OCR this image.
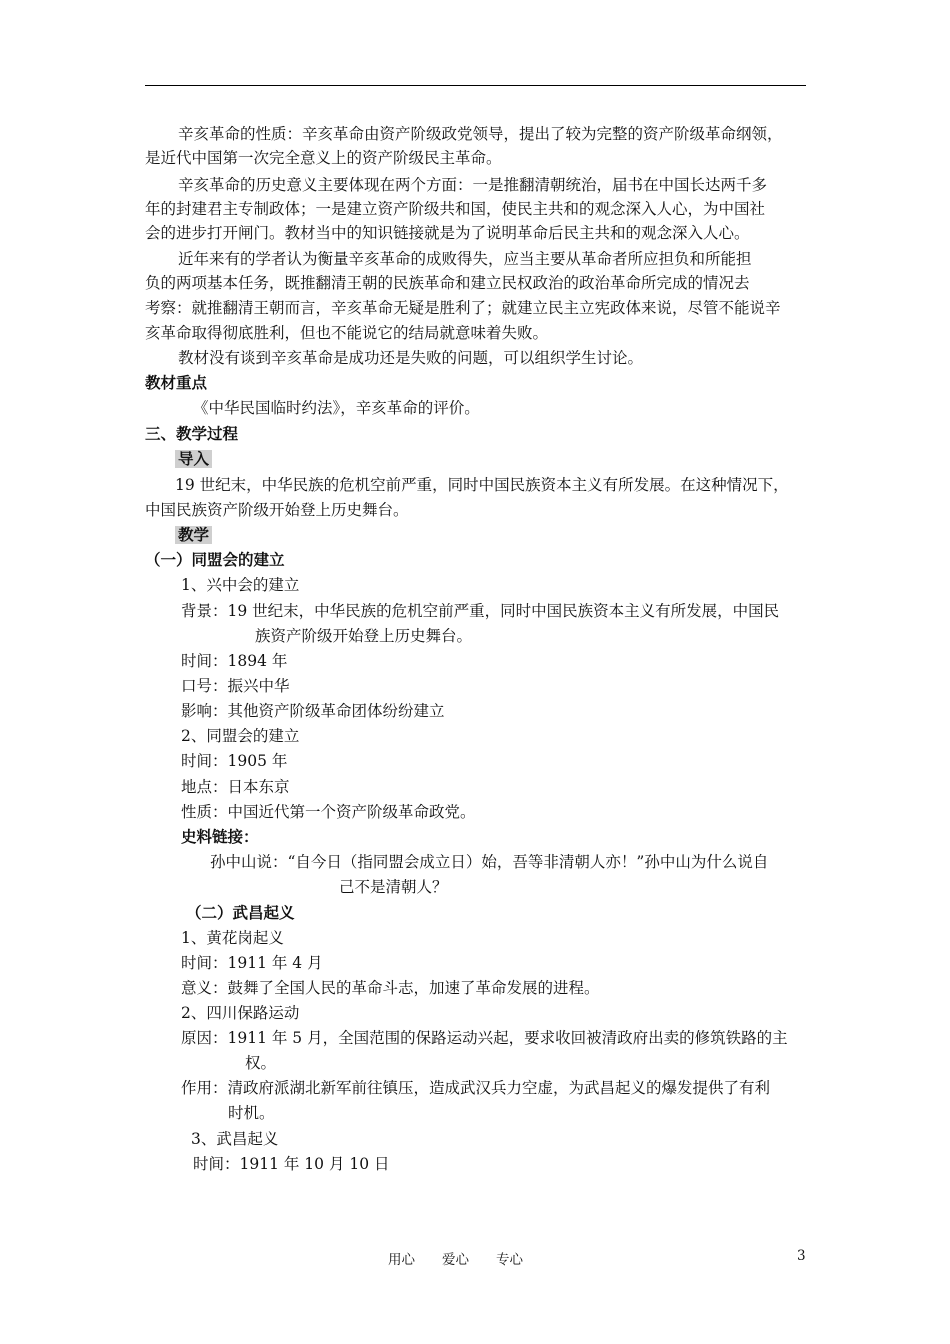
辛亥革命的性质：辛亥革命由资产阶级政党领导，提出了较为完整的资产阶级革命纲领，
是近代中国第一次完全意义上的资产阶级民主革命。
辛亥革命的历史意义主要体现在两个方面：一是推翻清朝统治，届书在中国长达两千多
年的封建君主专制政体；一是建立资产阶级共和国，使民主共和的观念深入人心，为中国社
会的进步打开闸门。教材当中的知识链接就是为了说明革命后民主共和的观念深入人心。
近年来有的学者认为衡量辛亥革命的成败得失，应当主要从革命者所应担负和所能担
负的两项基本任务，既推翻清王朝的民族革命和建立民权政治的政治革命所完成的情况去
考察：就推翻清王朝而言，辛亥革命无疑是胜利了；就建立民主立宪政体来说，尽管不能说辛
亥革命取得彻底胜利，但也不能说它的结局就意味着失败。
教材没有谈到辛亥革命是成功还是失败的问题，可以组织学生讨论。
教材重点
《中华民国临时约法》，辛亥革命的评价。
三、教学过程
导入
19 世纪末，中华民族的危机空前严重，同时中国民族资本主义有所发展。在这种情况下，
中国民族资产阶级开始登上历史舞台。
教学
（一）同盟会的建立
1、兴中会的建立
背景：19 世纪末，中华民族的危机空前严重，同时中国民族资本主义有所发展，中国民
族资产阶级开始登上历史舞台。
时间：1894 年
口号：振兴中华
影响：其他资产阶级革命团体纷纷建立
2、同盟会的建立
时间：1905 年
地点：日本东京
性质：中国近代第一个资产阶级革命政党。
史料链接：
孙中山说：“自今日（指同盟会成立日）始，吾等非清朝人亦！”孙中山为什么说自
己不是清朝人？
（二）武昌起义
1、黄花岗起义
时间：1911 年 4 月
意义：鼓舞了全国人民的革命斗志，加速了革命发展的进程。
2、四川保路运动
原因：1911 年 5 月，全国范围的保路运动兴起，要求收回被清政府出卖的修筑铁路的主
权。
作用：清政府派湖北新军前往镇压，造成武汉兵力空虚，为武昌起义的爆发提供了有利
时机。
3、武昌起义
时间：1911 年 10 月 10 日
用心　　爱心　　专心	3
